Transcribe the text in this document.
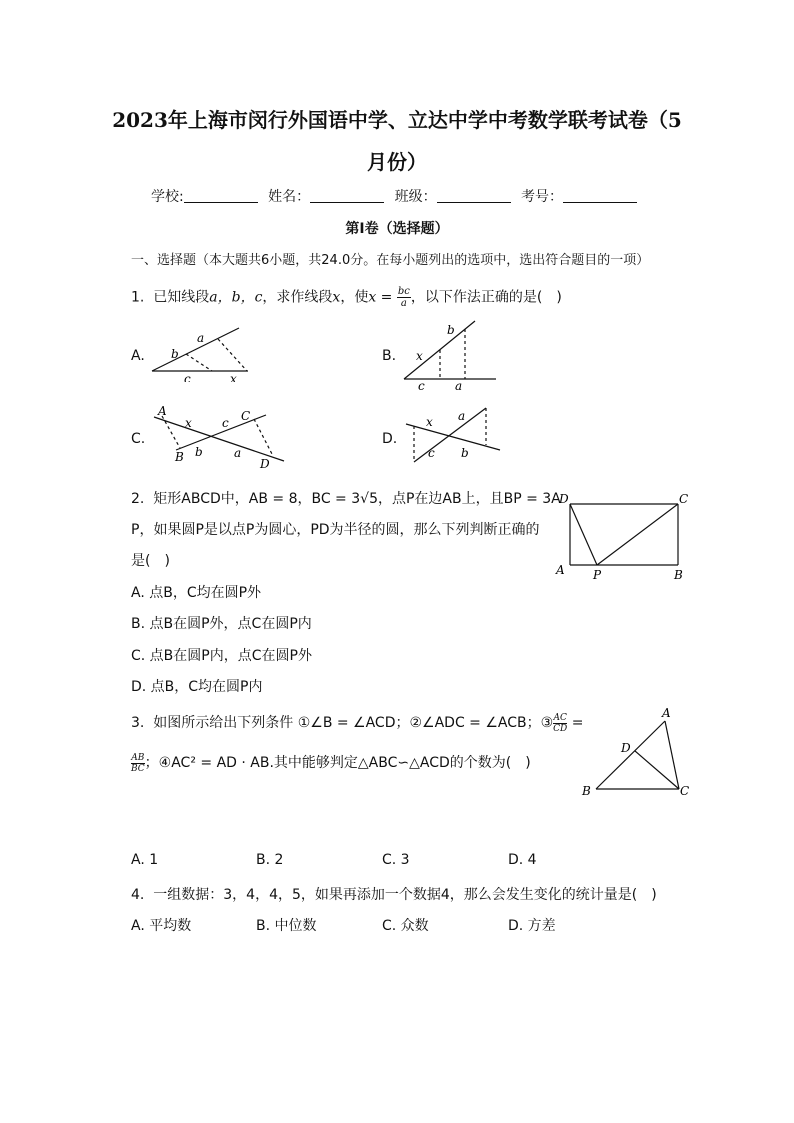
2023年上海市闵行外国语中学、立达中学中考数学联考试卷（5
月份）
学校:	姓名：	班级：	考号：
第I卷（选择题）
一、选择题（本大题共6小题，共24.0分。在每小题列出的选项中，选出符合题目的一项）
1. 已知线段a，b，c，求作线段x，使$x = \frac{bc}{a}$ ，以下作法正确的是(　)
A.	B.
C.	D.
a
b
c	x
x
b
c	a
A
x	c C
B b	a
D
x a
c b
2. 矩形ABCD中，AB = 8，BC = 3√5，点P在边AB上，且BP = 3A
P，如果圆P是以点P为圆心，PD为半径的圆，那么下列判断正确的
是(　)
A. 点B，C均在圆P外
B. 点B在圆P外，点C在圆P内
C. 点B在圆P内，点C在圆P外
D. 点B，C均在圆P内
D	C
A P	B
3. 如图所示给出下列条件 ①∠B = ∠ACD；②∠ADC = ∠ACB；③ $\frac{AC}{CD}$ =
$\frac{AB}{BC}$ ；④AC² = AD · AB.其中能够判定△ABC∽△ACD的个数为(　)
A
D
B	C
A. 1	B. 2	C. 3	D. 4
4. 一组数据：3，4，4，5，如果再添加一个数据4，那么会发生变化的统计量是(　)
A. 平均数	B. 中位数	C. 众数	D. 方差
